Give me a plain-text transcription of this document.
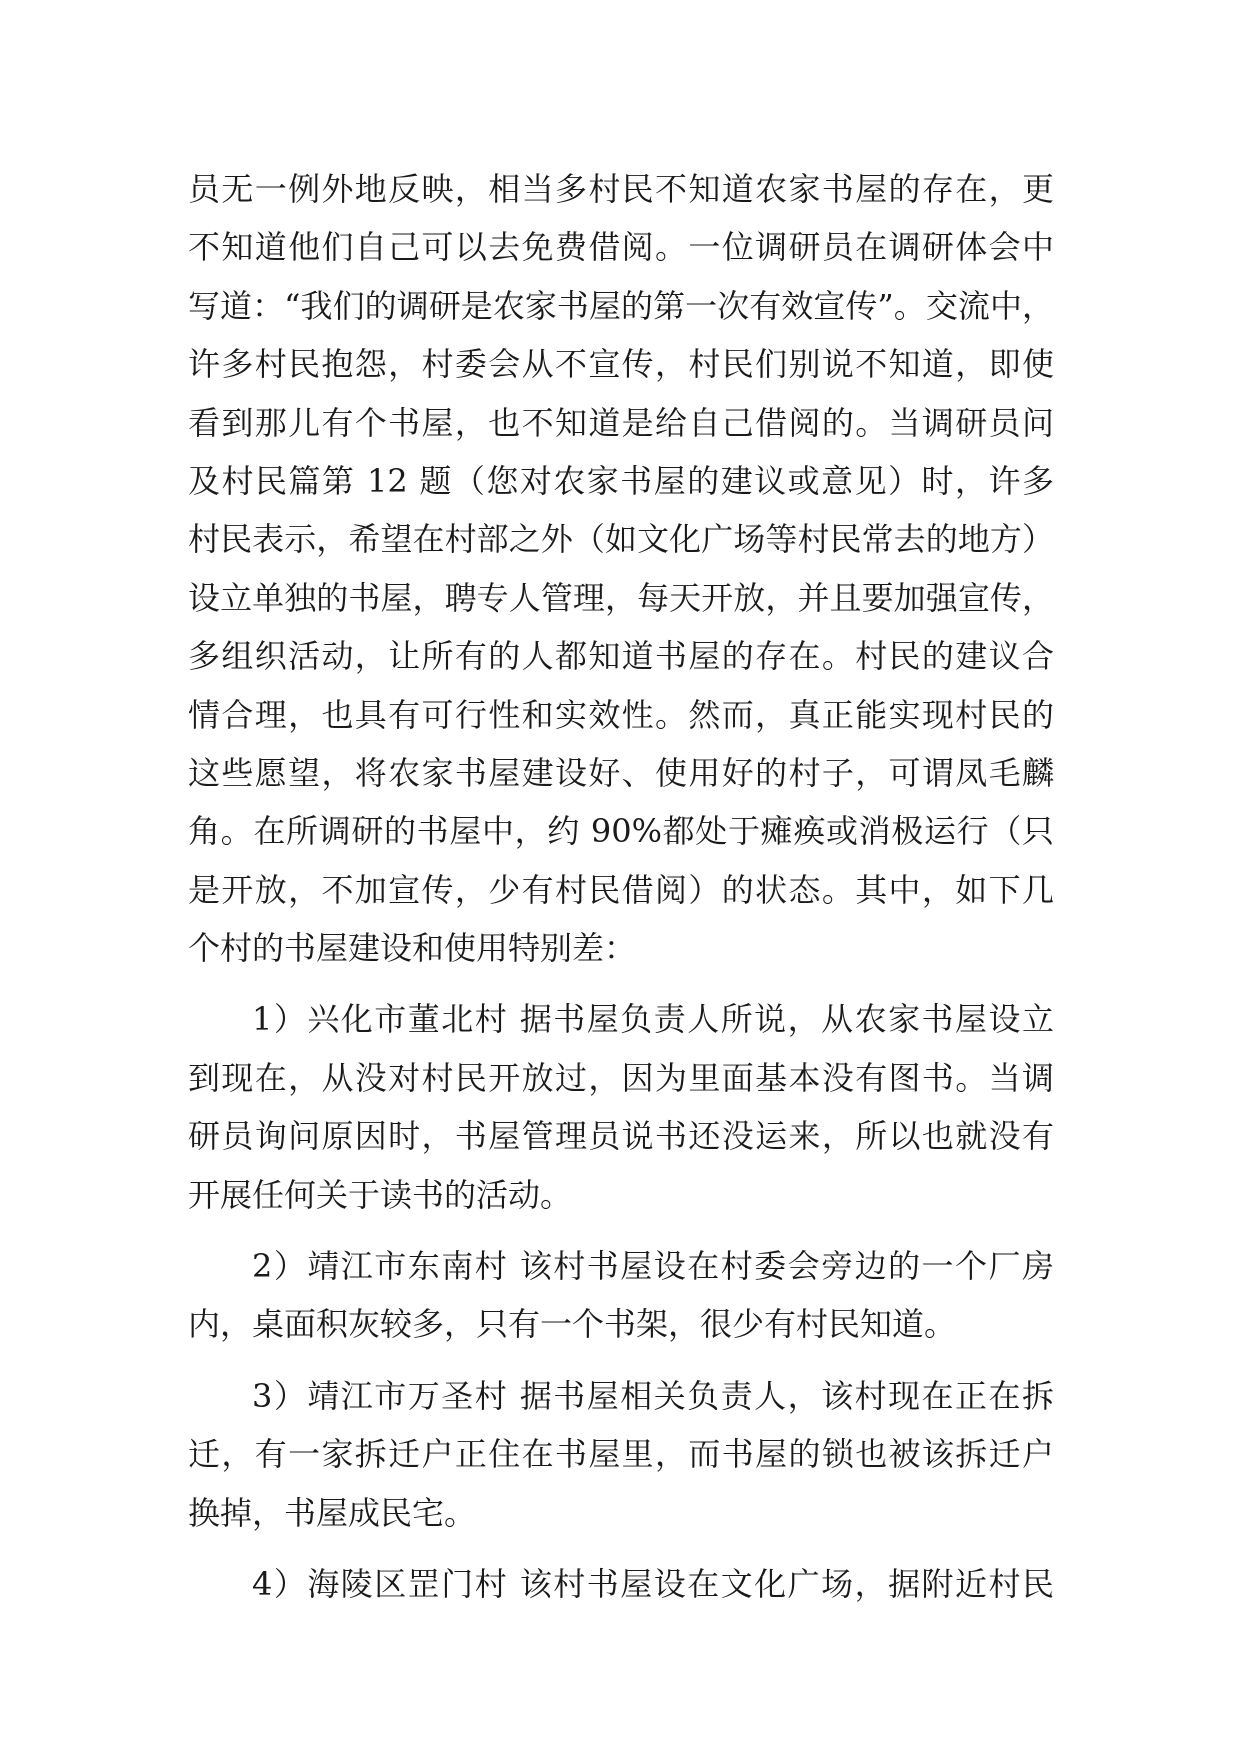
员无一例外地反映，相当多村民不知道农家书屋的存在，更
不知道他们自己可以去免费借阅。一位调研员在调研体会中
写道：“我们的调研是农家书屋的第一次有效宣传”。交流中，
许多村民抱怨，村委会从不宣传，村民们别说不知道，即使
看到那儿有个书屋，也不知道是给自己借阅的。当调研员问
及村民篇第 12 题（您对农家书屋的建议或意见）时，许多
村民表示，希望在村部之外（如文化广场等村民常去的地方）
设立单独的书屋，聘专人管理，每天开放，并且要加强宣传，
多组织活动，让所有的人都知道书屋的存在。村民的建议合
情合理，也具有可行性和实效性。然而，真正能实现村民的
这些愿望，将农家书屋建设好、使用好的村子，可谓凤毛麟
角。在所调研的书屋中，约 90%都处于瘫痪或消极运行（只
是开放，不加宣传，少有村民借阅）的状态。其中，如下几
个村的书屋建设和使用特别差：
1）兴化市董北村 据书屋负责人所说，从农家书屋设立
到现在，从没对村民开放过，因为里面基本没有图书。当调
研员询问原因时，书屋管理员说书还没运来，所以也就没有
开展任何关于读书的活动。
2）靖江市东南村 该村书屋设在村委会旁边的一个厂房
内，桌面积灰较多，只有一个书架，很少有村民知道。
3）靖江市万圣村 据书屋相关负责人，该村现在正在拆
迁，有一家拆迁户正住在书屋里，而书屋的锁也被该拆迁户
换掉，书屋成民宅。
4）海陵区罡门村 该村书屋设在文化广场，据附近村民
